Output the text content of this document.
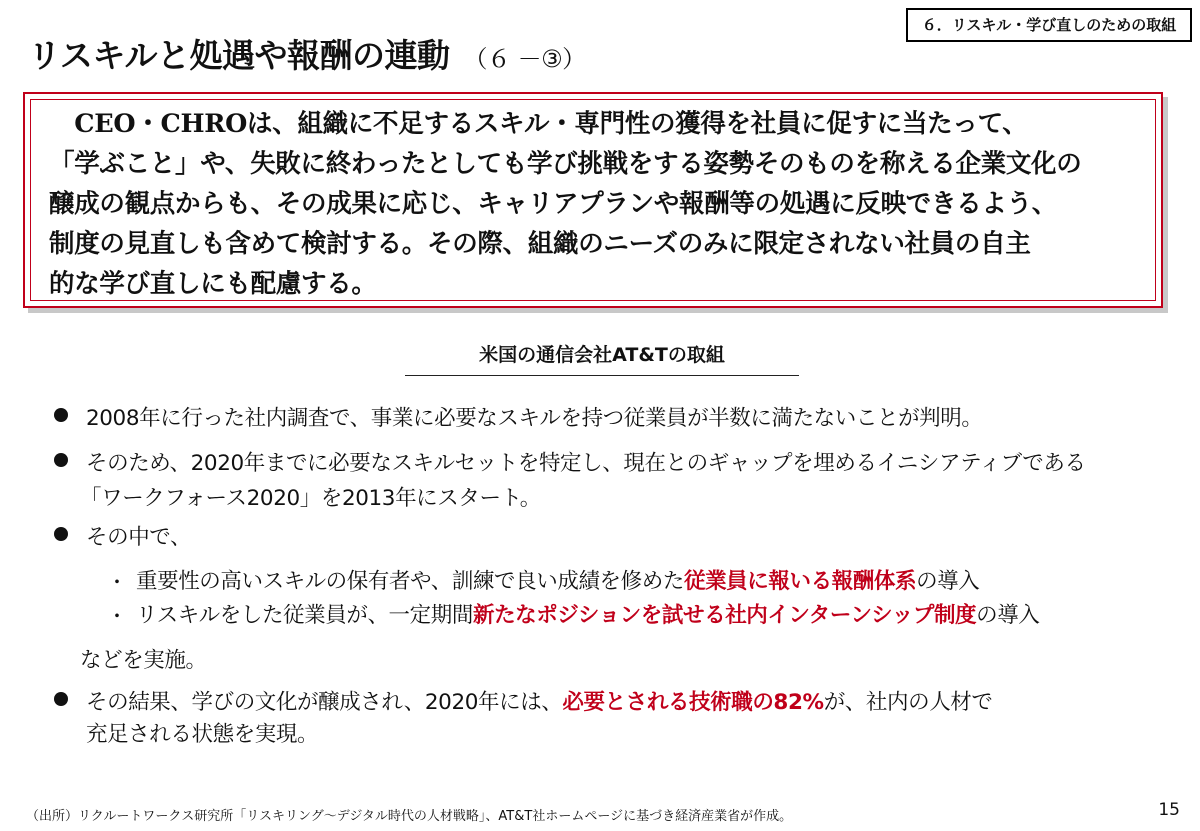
６．リスキル・学び直しのための取組
リスキルと処遇や報酬の連動 （６ －③）
　CEO・CHROは、組織に不足するスキル・専門性の獲得を社員に促すに当たって、
「学ぶこと」や、失敗に終わったとしても学び挑戦をする姿勢そのものを称える企業文化の
醸成の観点からも、その成果に応じ、キャリアプランや報酬等の処遇に反映できるよう、
制度の見直しも含めて検討する。その際、組織のニーズのみに限定されない社員の自主
的な学び直しにも配慮する。
米国の通信会社AT&Tの取組
2008年に行った社内調査で、事業に必要なスキルを持つ従業員が半数に満たないことが判明。
そのため、2020年までに必要なスキルセットを特定し、現在とのギャップを埋めるイニシアティブである
「ワークフォース2020」を2013年にスタート。
その中で、
・ 重要性の高いスキルの保有者や、訓練で良い成績を修めた従業員に報いる報酬体系の導入
・ リスキルをした従業員が、一定期間新たなポジションを試せる社内インターンシップ制度の導入
などを実施。
その結果、学びの文化が醸成され、2020年には、必要とされる技術職の82%が、社内の人材で
充足される状態を実現。
（出所）リクルートワークス研究所「リスキリング～デジタル時代の人材戦略」、AT&T社ホームページに基づき経済産業省が作成。	15
